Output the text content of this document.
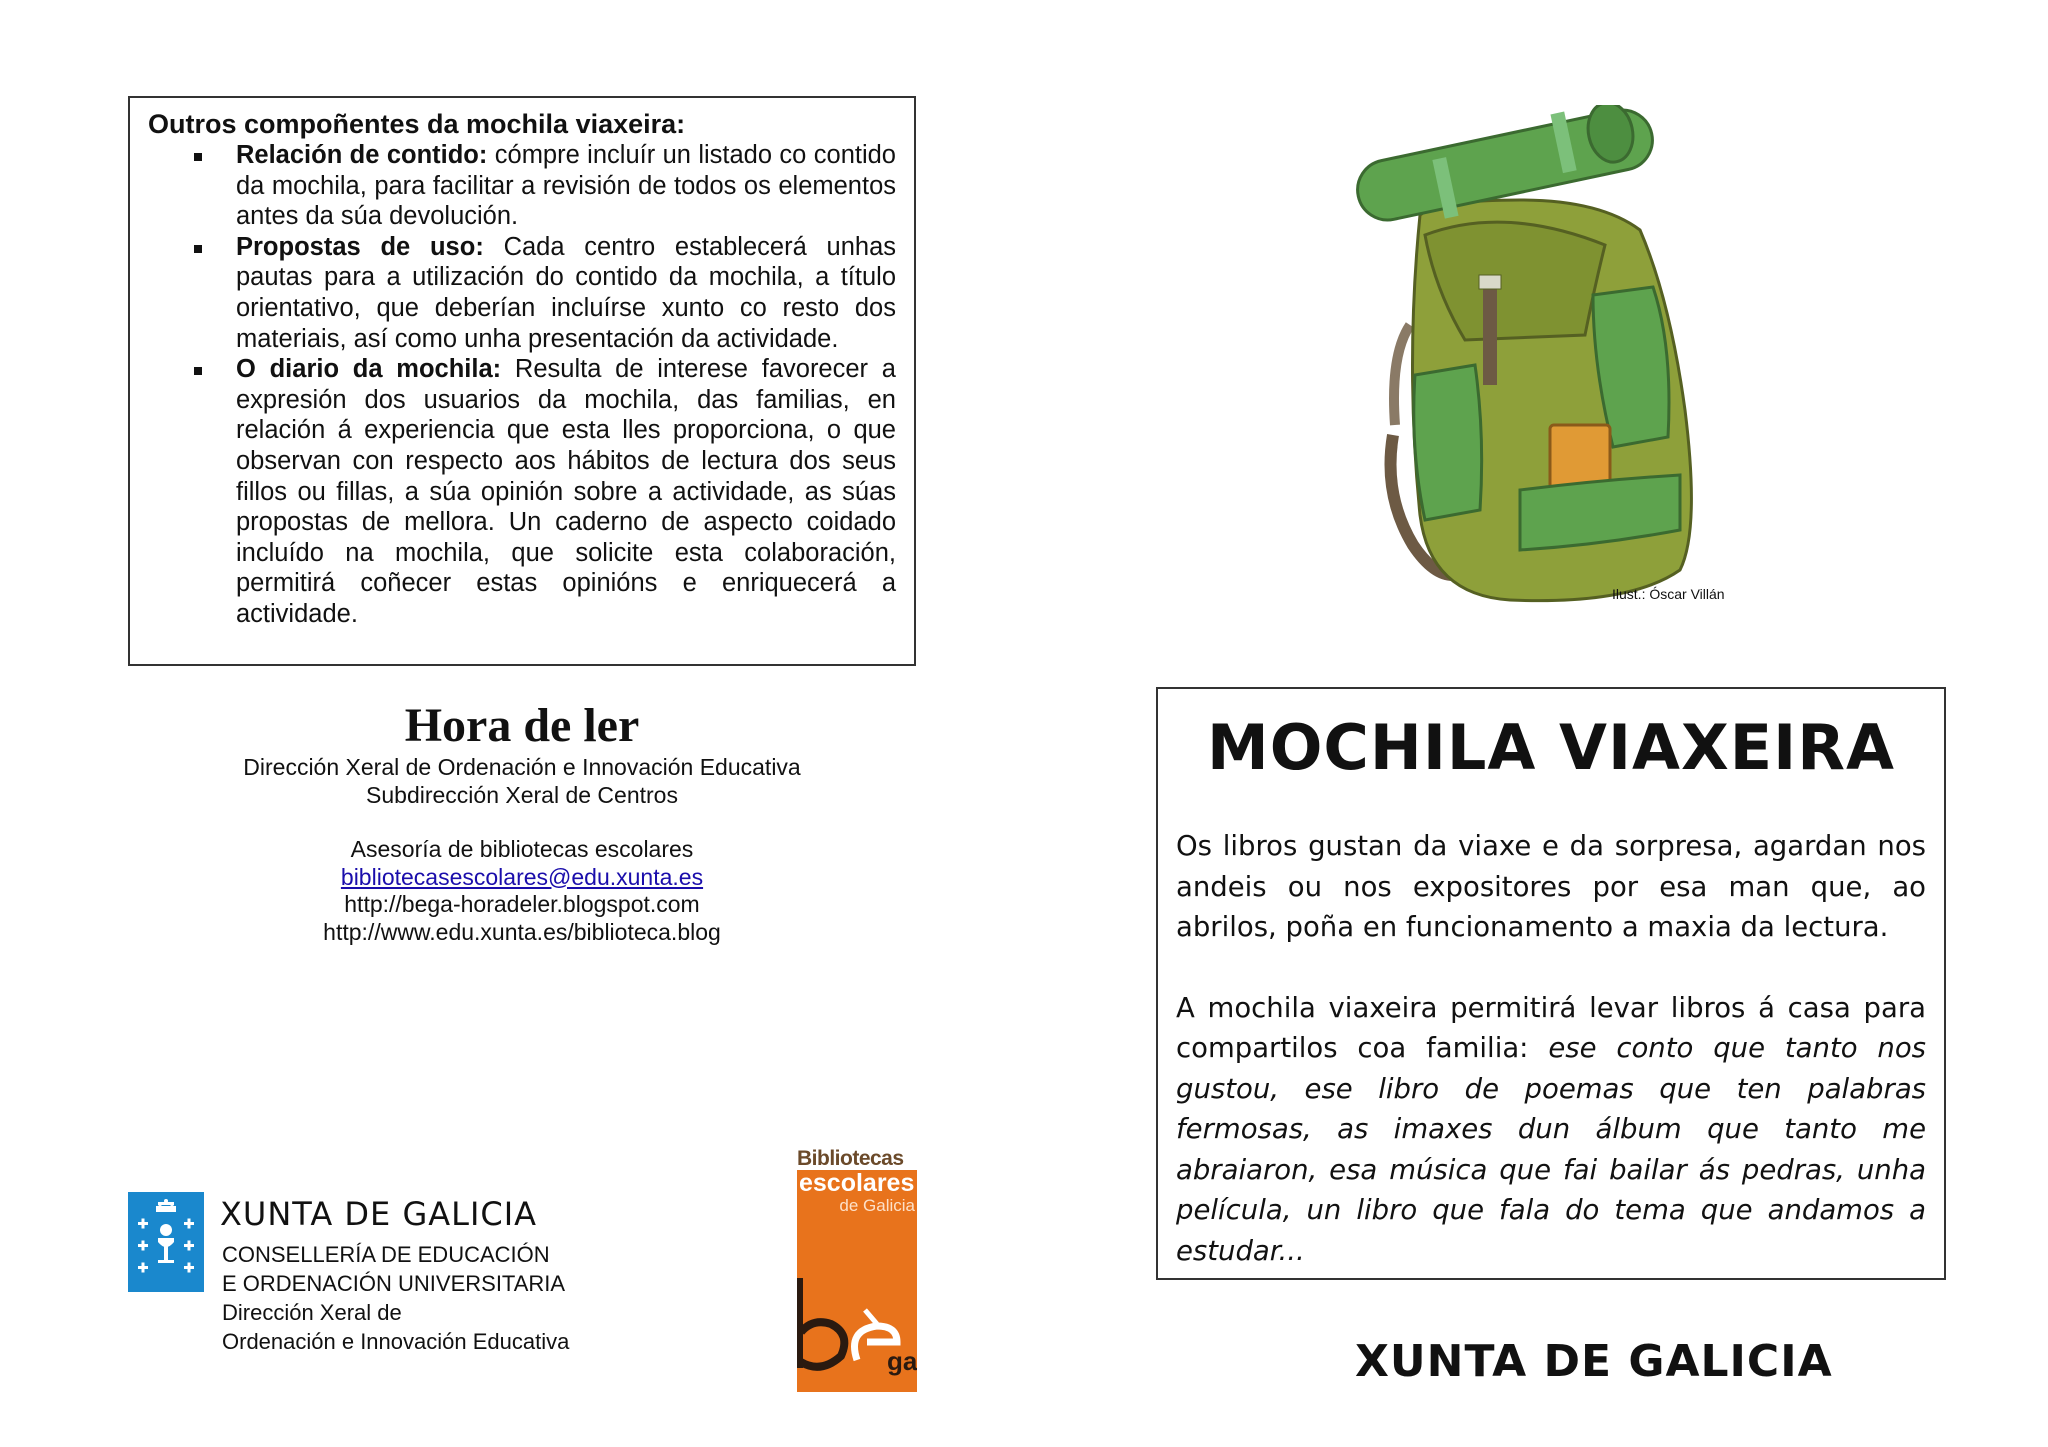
Outros compoñentes da mochila viaxeira:
Relación de contido: cómpre incluír un listado co contido da mochila, para facilitar a revisión de todos os elementos antes da súa devolución.
Propostas de uso: Cada centro establecerá unhas pautas para a utilización do contido da mochila, a título orientativo, que deberían incluírse xunto co resto dos materiais, así como unha presentación da actividade.
O diario da mochila: Resulta de interese favorecer a expresión dos usuarios da mochila, das familias, en relación á experiencia que esta lles proporciona, o que observan con respecto aos hábitos de lectura dos seus fillos ou fillas, a súa opinión sobre a actividade, as súas propostas de mellora. Un caderno de aspecto coidado incluído na mochila, que solicite esta colaboración, permitirá coñecer estas opinións e enriquecerá a actividade.
Hora de ler
Dirección Xeral de Ordenación e Innovación Educativa
Subdirección Xeral de Centros
Asesoría de bibliotecas escolares
bibliotecasescolares@edu.xunta.es
http://bega-horadeler.blogspot.com
http://www.edu.xunta.es/biblioteca.blog
XUNTA DE GALICIA
CONSELLERÍA DE EDUCACIÓN
E ORDENACIÓN UNIVERSITARIA
Dirección Xeral de
Ordenación e Innovación Educativa
Bibliotecas
escolares
de Galicia
ga
Ilust.: Óscar Villán
MOCHILA VIAXEIRA

Os libros gustan da viaxe e da sorpresa, agardan nos andeis ou nos expositores por esa man que, ao abrilos, poña en funcionamento a maxia da lectura.

A mochila viaxeira permitirá levar libros á casa para compartilos coa familia: ese conto que tanto nos gustou, ese libro de poemas que ten palabras fermosas, as imaxes dun álbum que tanto me abraiaron, esa música que fai bailar ás pedras, unha película, un libro que fala do tema que andamos a estudar...

XUNTA DE GALICIA
